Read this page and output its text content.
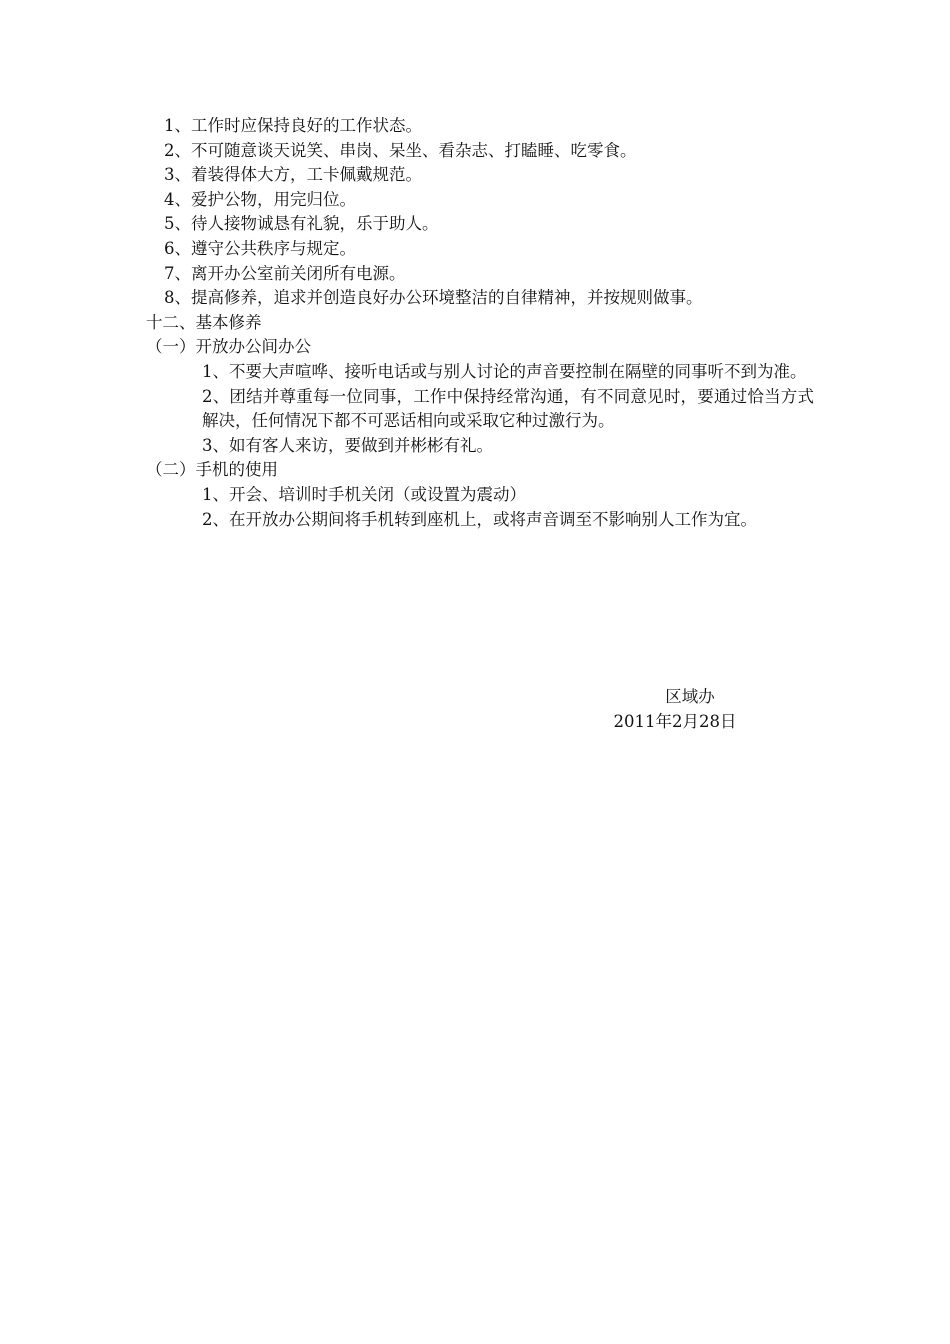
1、工作时应保持良好的工作状态。

2、不可随意谈天说笑、串岗、呆坐、看杂志、打瞌睡、吃零食。

3、着装得体大方，工卡佩戴规范。

4、爱护公物，用完归位。

5、待人接物诚恳有礼貌，乐于助人。

6、遵守公共秩序与规定。

7、离开办公室前关闭所有电源。

8、提高修养，追求并创造良好办公环境整洁的自律精神，并按规则做事。

十二、基本修养

（一）开放办公间办公

1、不要大声喧哗、接听电话或与别人讨论的声音要控制在隔壁的同事听不到为准。

2、团结并尊重每一位同事，工作中保持经常沟通，有不同意见时，要通过恰当方式解决，任何情况下都不可恶话相向或采取它种过激行为。

3、如有客人来访，要做到并彬彬有礼。

（二）手机的使用

1、开会、培训时手机关闭（或设置为震动）

2、在开放办公期间将手机转到座机上，或将声音调至不影响别人工作为宜。

区域办
2011年2月28日
